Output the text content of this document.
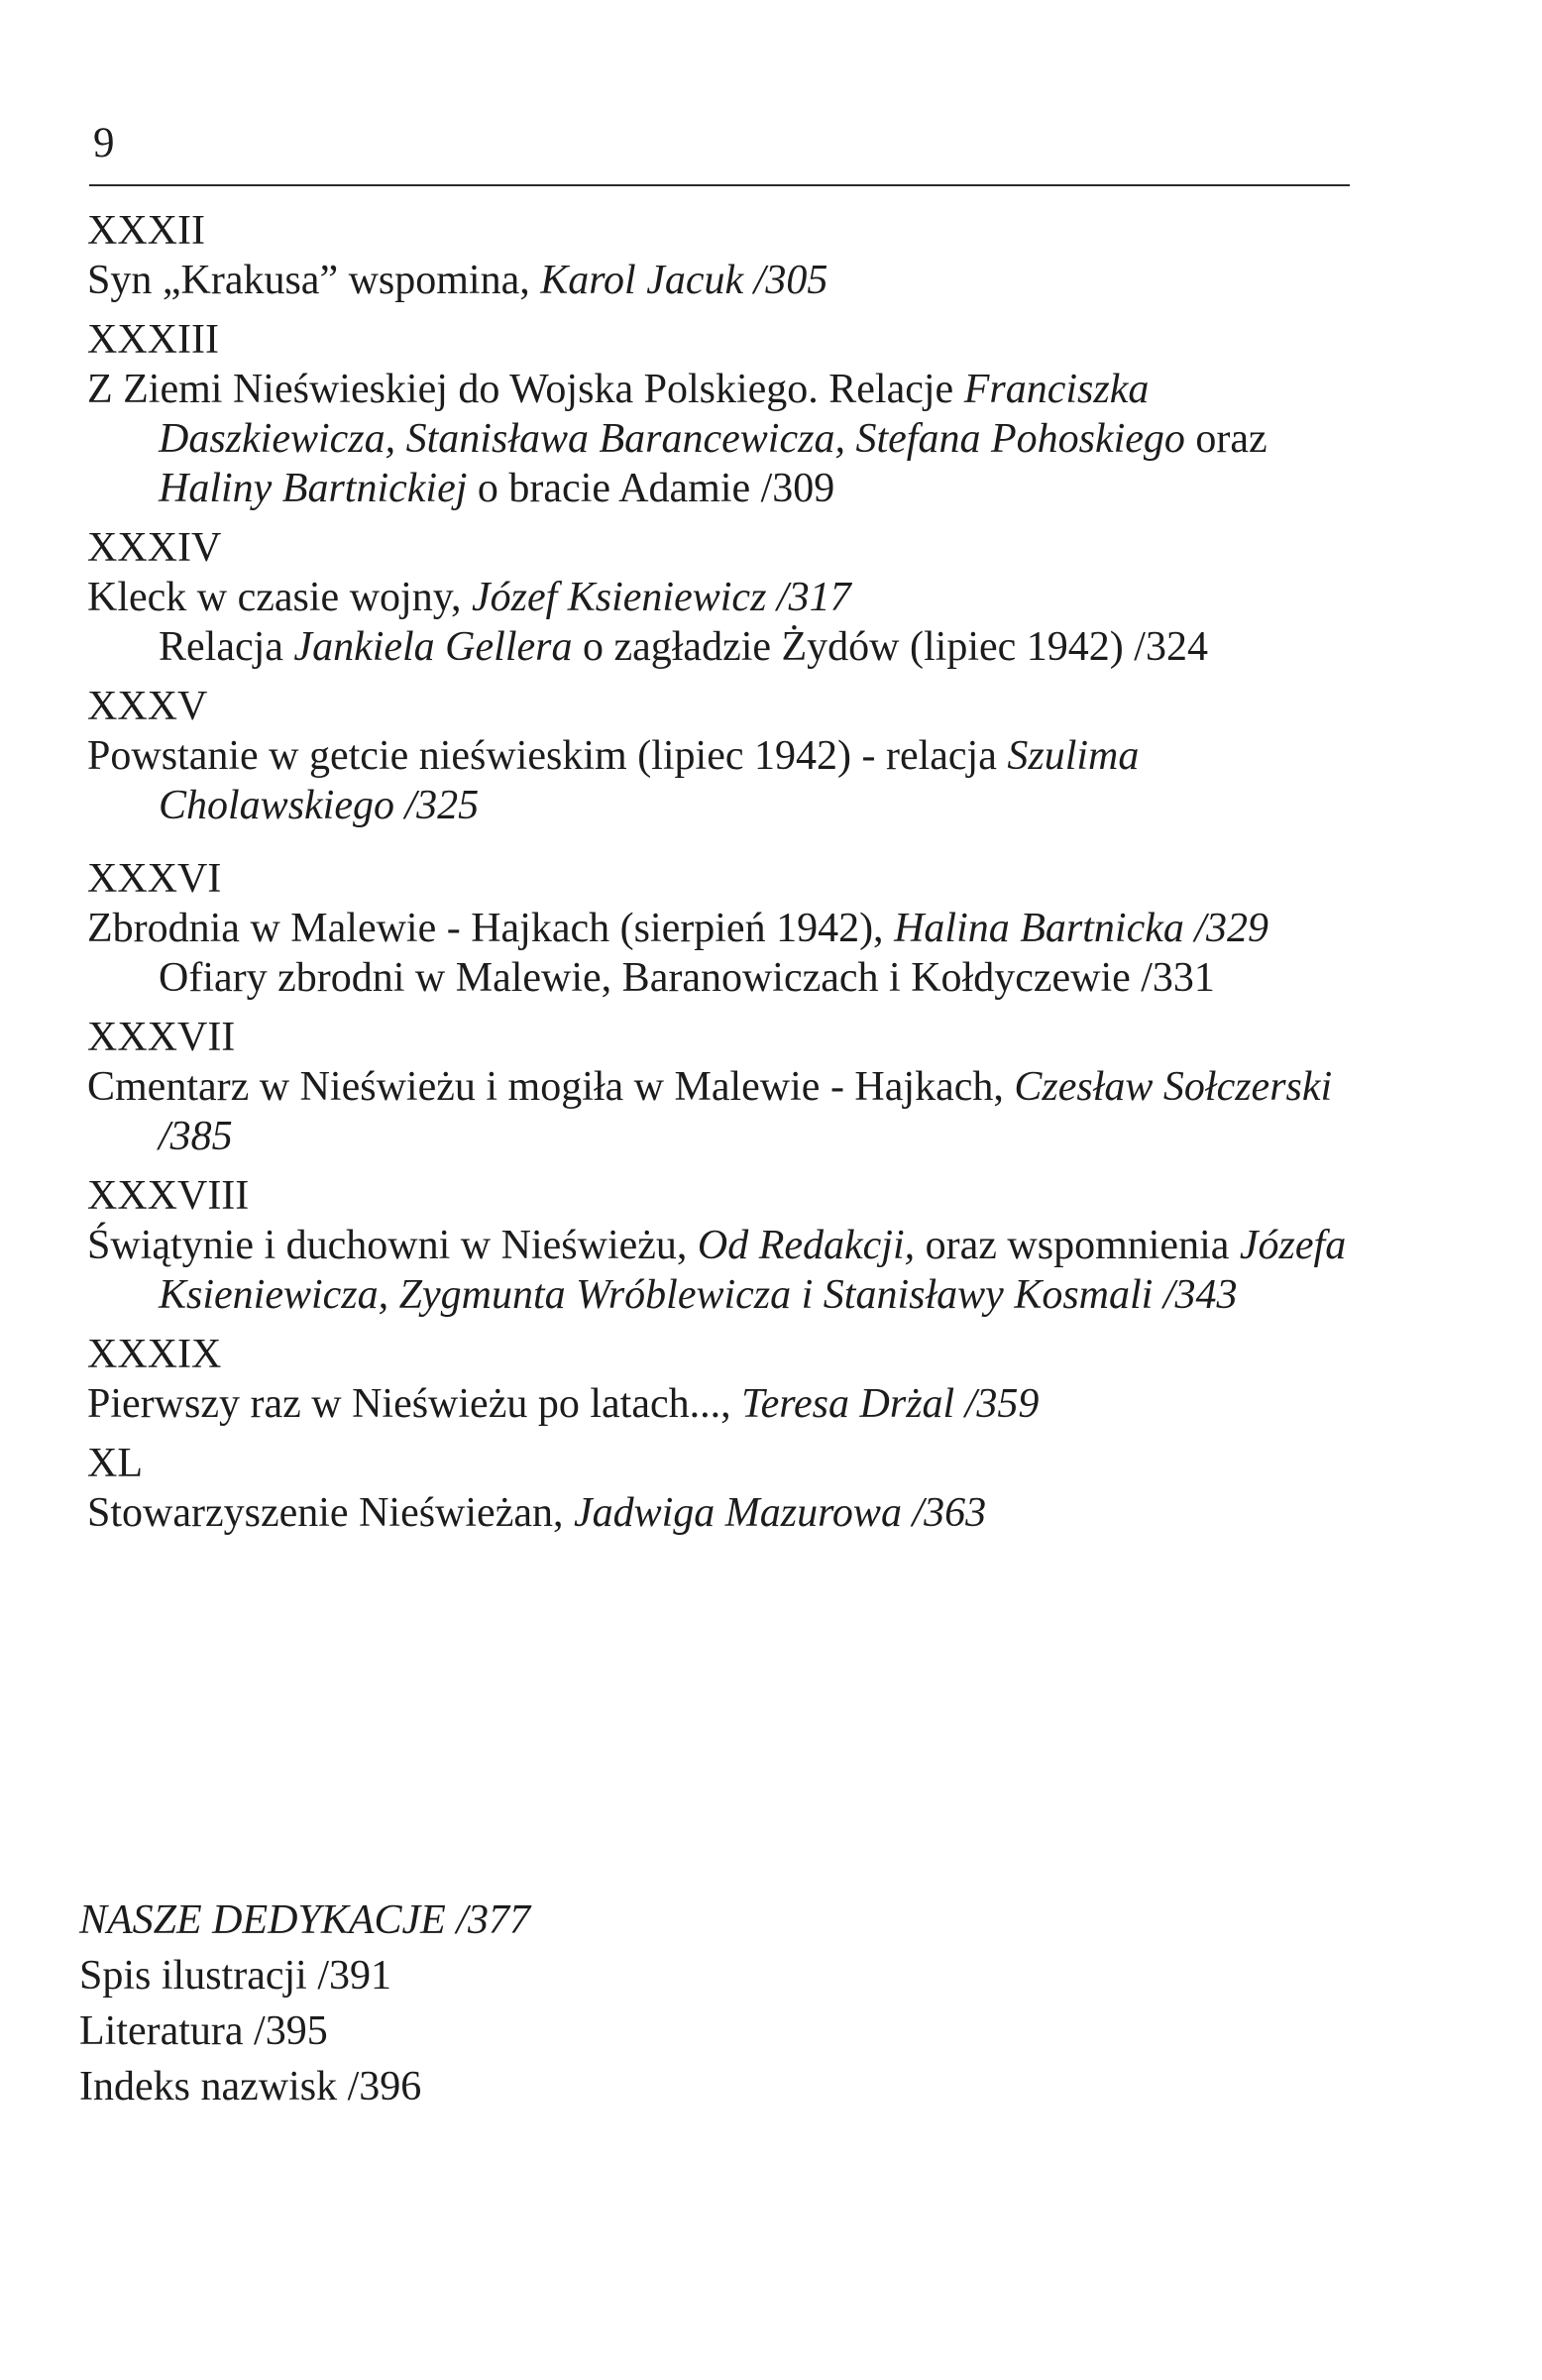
9
XXXII
Syn „Krakusa” wspomina, Karol Jacuk /305
XXXIII
Z Ziemi Nieświeskiej do Wojska Polskiego. Relacje Franciszka Daszkiewicza, Stanisława Barancewicza, Stefana Pohoskiego oraz Haliny Bartnickiej o bracie Adamie /309
XXXIV
Kleck w czasie wojny, Józef Ksieniewicz /317
Relacja Jankiela Gellera o zagładzie Żydów (lipiec 1942) /324
XXXV
Powstanie w getcie nieświeskim (lipiec 1942) - relacja Szulima Cholawskiego /325
XXXVI
Zbrodnia w Malewie - Hajkach (sierpień 1942), Halina Bartnicka /329
Ofiary zbrodni w Malewie, Baranowiczach i Kołdyczewie /331
XXXVII
Cmentarz w Nieświeżu i mogiła w Malewie - Hajkach, Czesław Sołczerski /385
XXXVIII
Świątynie i duchowni w Nieświeżu, Od Redakcji, oraz wspomnienia Józefa Ksieniewicza, Zygmunta Wróblewicza i Stanisławy Kosmali /343
XXXIX
Pierwszy raz w Nieświeżu po latach..., Teresa Drżal /359
XL
Stowarzyszenie Nieświeżan, Jadwiga Mazurowa /363
NASZE DEDYKACJE /377
Spis ilustracji /391
Literatura /395
Indeks nazwisk /396
